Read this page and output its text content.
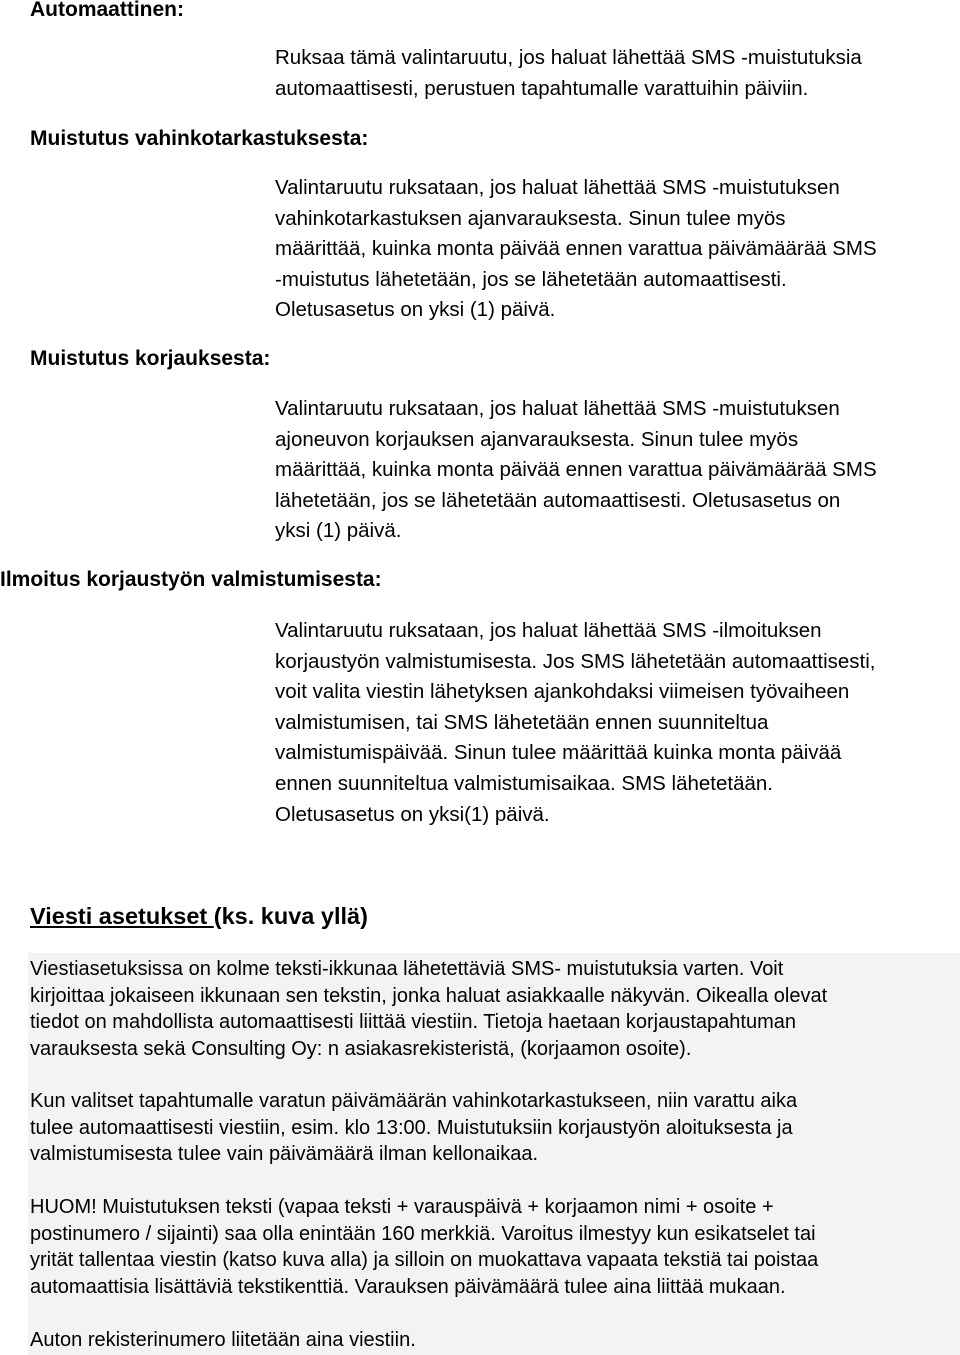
Automaattinen:
Ruksaa tämä valintaruutu, jos haluat lähettää SMS -muistutuksia
automaattisesti, perustuen tapahtumalle varattuihin päiviin.
Muistutus vahinkotarkastuksesta:
Valintaruutu ruksataan, jos haluat lähettää SMS -muistutuksen
vahinkotarkastuksen ajanvarauksesta. Sinun tulee myös
määrittää, kuinka monta päivää ennen varattua päivämäärää SMS
-muistutus lähetetään, jos se lähetetään automaattisesti.
Oletusasetus on yksi (1) päivä.
Muistutus korjauksesta:
Valintaruutu ruksataan, jos haluat lähettää SMS -muistutuksen
ajoneuvon korjauksen ajanvarauksesta. Sinun tulee myös
määrittää, kuinka monta päivää ennen varattua päivämäärää SMS
lähetetään, jos se lähetetään automaattisesti. Oletusasetus on
yksi (1) päivä.
Ilmoitus korjaustyön valmistumisesta:
Valintaruutu ruksataan, jos haluat lähettää SMS -ilmoituksen
korjaustyön valmistumisesta. Jos SMS lähetetään automaattisesti,
voit valita viestin lähetyksen ajankohdaksi viimeisen työvaiheen
valmistumisen, tai SMS lähetetään ennen suunniteltua
valmistumispäivää. Sinun tulee määrittää kuinka monta päivää
ennen suunniteltua valmistumisaikaa. SMS lähetetään.
Oletusasetus on yksi(1) päivä.
Viesti asetukset (ks. kuva yllä)
Viestiasetuksissa on kolme teksti-ikkunaa lähetettäviä SMS- muistutuksia varten. Voit
kirjoittaa jokaiseen ikkunaan sen tekstin, jonka haluat asiakkaalle näkyvän. Oikealla olevat
tiedot on mahdollista automaattisesti liittää viestiin. Tietoja haetaan korjaustapahtuman
varauksesta sekä Consulting Oy: n asiakasrekisteristä, (korjaamon osoite).
Kun valitset tapahtumalle varatun päivämäärän vahinkotarkastukseen, niin varattu aika
tulee automaattisesti viestiin, esim. klo 13:00. Muistutuksiin korjaustyön aloituksesta ja
valmistumisesta tulee vain päivämäärä ilman kellonaikaa.
HUOM! Muistutuksen teksti (vapaa teksti + varauspäivä + korjaamon nimi + osoite +
postinumero / sijainti) saa olla enintään 160 merkkiä. Varoitus ilmestyy kun esikatselet tai
yrität tallentaa viestin (katso kuva alla) ja silloin on muokattava vapaata tekstiä tai poistaa
automaattisia lisättäviä tekstikenttiä. Varauksen päivämäärä tulee aina liittää mukaan.
Auton rekisterinumero liitetään aina viestiin.
